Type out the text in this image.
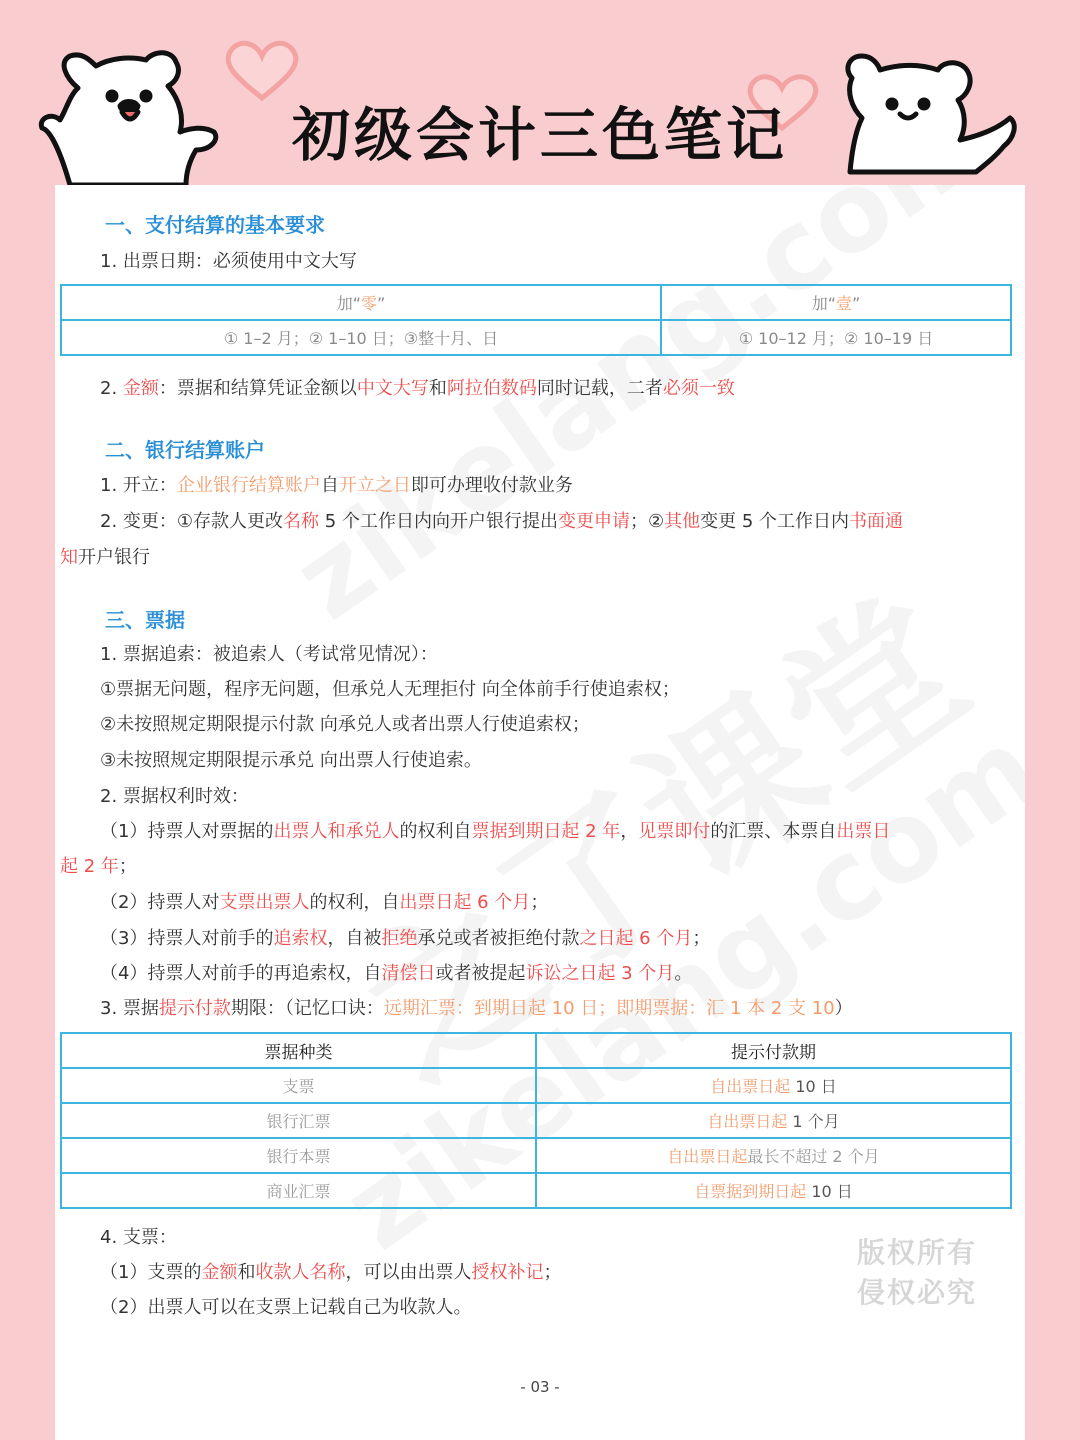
初级会计三色笔记
一、支付结算的基本要求
1. 出票日期：必须使用中文大写
加“零”	加“壹”
① 1–2 月；② 1–10 日；③整十月、日	① 10–12 月；② 10–19 日
2. 金额：票据和结算凭证金额以中文大写和阿拉伯数码同时记载，二者必须一致
二、银行结算账户
1. 开立：企业银行结算账户自开立之日即可办理收付款业务
2. 变更：①存款人更改名称 5 个工作日内向开户银行提出变更申请；②其他变更 5 个工作日内书面通
知开户银行
三、票据
1. 票据追索：被追索人（考试常见情况）：
①票据无问题，程序无问题，但承兑人无理拒付 向全体前手行使追索权；
②未按照规定期限提示付款 向承兑人或者出票人行使追索权；
③未按照规定期限提示承兑 向出票人行使追索。
2. 票据权利时效：
（1）持票人对票据的出票人和承兑人的权利自票据到期日起 2 年，见票即付的汇票、本票自出票日
起 2 年；
（2）持票人对支票出票人的权利，自出票日起 6 个月；
（3）持票人对前手的追索权，自被拒绝承兑或者被拒绝付款之日起 6 个月；
（4）持票人对前手的再追索权，自清偿日或者被提起诉讼之日起 3 个月。
3. 票据提示付款期限：（记忆口诀：远期汇票：到期日起 10 日；即期票据：汇 1 本 2 支 10）
票据种类	提示付款期
支票	自出票日起 10 日
银行汇票	自出票日起 1 个月
银行本票	自出票日起最长不超过 2 个月
商业汇票	自票据到期日起 10 日
4. 支票：
（1）支票的金额和收款人名称，可以由出票人授权补记；
（2）出票人可以在支票上记载自己为收款人。
版权所有
侵权必究
- 03 -
